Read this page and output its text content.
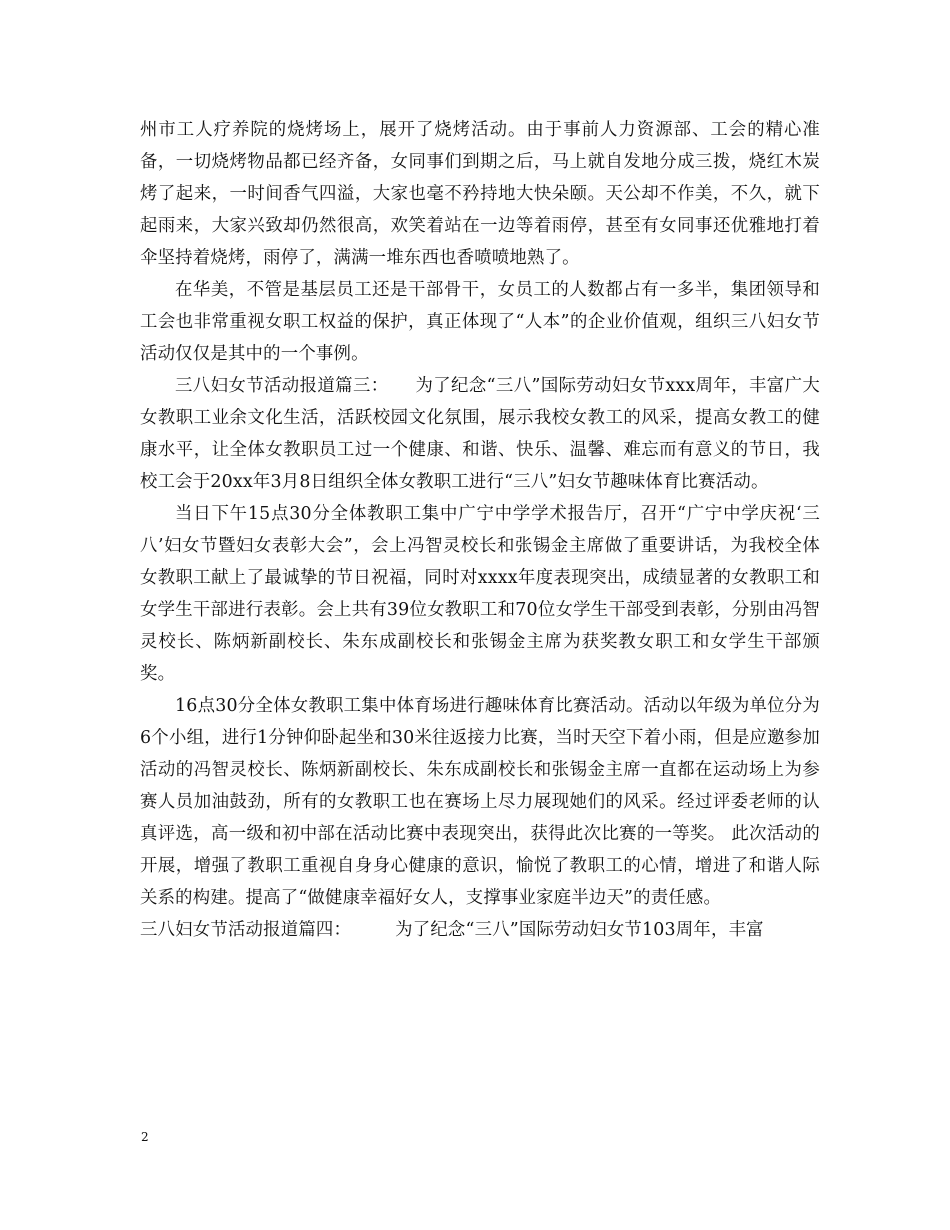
州市工人疗养院的烧烤场上，展开了烧烤活动。由于事前人力资源部、工会的精心准备，一切烧烤物品都已经齐备，女同事们到期之后，马上就自发地分成三拨，烧红木炭烤了起来，一时间香气四溢，大家也毫不矜持地大快朵颐。天公却不作美，不久，就下起雨来，大家兴致却仍然很高，欢笑着站在一边等着雨停，甚至有女同事还优雅地打着伞坚持着烧烤，雨停了，满满一堆东西也香喷喷地熟了。

在华美，不管是基层员工还是干部骨干，女员工的人数都占有一多半，集团领导和工会也非常重视女职工权益的保护，真正体现了“人本”的企业价值观，组织三八妇女节活动仅仅是其中的一个事例。

三八妇女节活动报道篇三：　　为了纪念“三八”国际劳动妇女节xxx周年，丰富广大女教职工业余文化生活，活跃校园文化氛围，展示我校女教工的风采，提高女教工的健康水平，让全体女教职员工过一个健康、和谐、快乐、温馨、难忘而有意义的节日，我校工会于20xx年3月8日组织全体女教职工进行“三八”妇女节趣味体育比赛活动。

当日下午15点30分全体教职工集中广宁中学学术报告厅，召开“广宁中学庆祝‘三八’妇女节暨妇女表彰大会”，会上冯智灵校长和张锡金主席做了重要讲话，为我校全体女教职工献上了最诚挚的节日祝福，同时对xxxx年度表现突出，成绩显著的女教职工和女学生干部进行表彰。会上共有39位女教职工和70位女学生干部受到表彰，分别由冯智灵校长、陈炳新副校长、朱东成副校长和张锡金主席为获奖教女职工和女学生干部颁奖。

16点30分全体女教职工集中体育场进行趣味体育比赛活动。活动以年级为单位分为6个小组，进行1分钟仰卧起坐和30米往返接力比赛，当时天空下着小雨，但是应邀参加活动的冯智灵校长、陈炳新副校长、朱东成副校长和张锡金主席一直都在运动场上为参赛人员加油鼓劲，所有的女教职工也在赛场上尽力展现她们的风采。经过评委老师的认真评选，高一级和初中部在活动比赛中表现突出，获得此次比赛的一等奖。 此次活动的开展，增强了教职工重视自身身心健康的意识，愉悦了教职工的心情，增进了和谐人际关系的构建。提高了“做健康幸福好女人，支撑事业家庭半边天”的责任感。

三八妇女节活动报道篇四：　　　为了纪念“三八”国际劳动妇女节103周年，丰富

2
